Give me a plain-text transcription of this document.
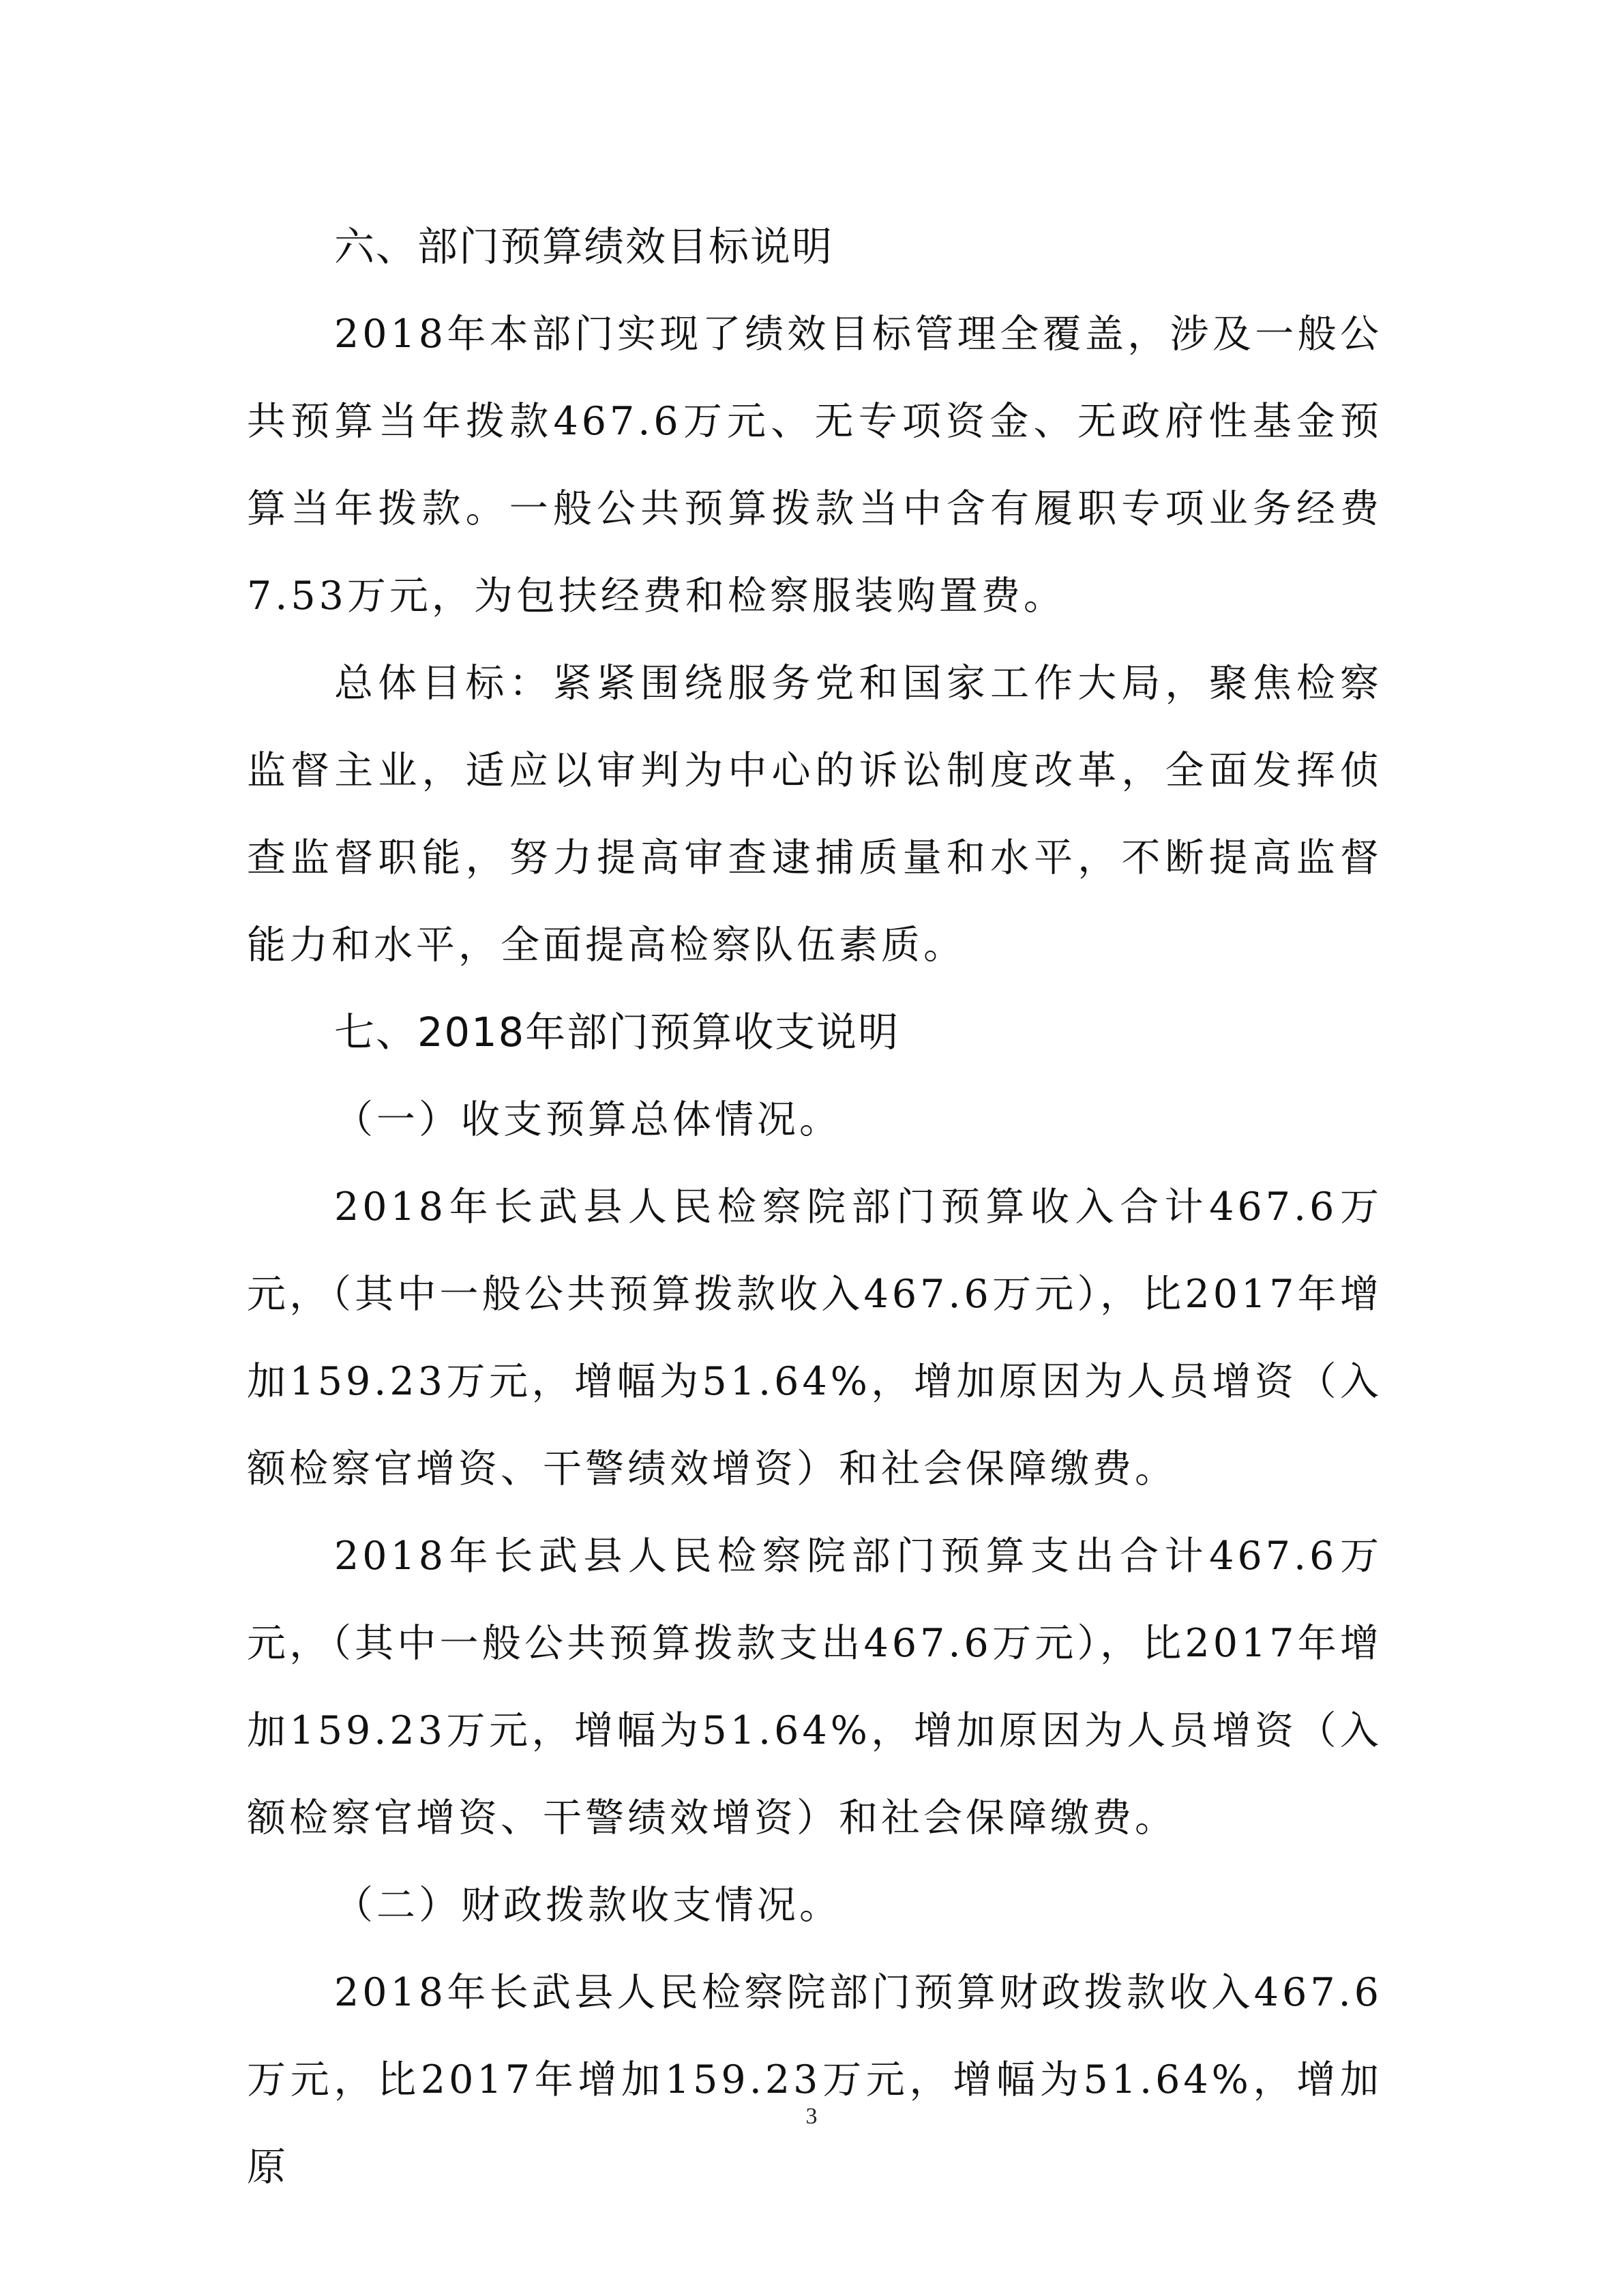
六、部门预算绩效目标说明

2018年本部门实现了绩效目标管理全覆盖，涉及一般公共预算当年拨款467.6万元、无专项资金、无政府性基金预算当年拨款。一般公共预算拨款当中含有履职专项业务经费7.53万元，为包扶经费和检察服装购置费。

总体目标：紧紧围绕服务党和国家工作大局，聚焦检察监督主业，适应以审判为中心的诉讼制度改革，全面发挥侦查监督职能，努力提高审查逮捕质量和水平，不断提高监督能力和水平，全面提高检察队伍素质。

七、2018年部门预算收支说明

（一）收支预算总体情况。

2018年长武县人民检察院部门预算收入合计467.6万元，（其中一般公共预算拨款收入467.6万元），比2017年增加159.23万元，增幅为51.64%，增加原因为人员增资（入额检察官增资、干警绩效增资）和社会保障缴费。

2018年长武县人民检察院部门预算支出合计467.6万元，（其中一般公共预算拨款支出467.6万元），比2017年增加159.23万元，增幅为51.64%，增加原因为人员增资（入额检察官增资、干警绩效增资）和社会保障缴费。

（二）财政拨款收支情况。

2018年长武县人民检察院部门预算财政拨款收入467.6万元，比2017年增加159.23万元，增幅为51.64%，增加原

3
